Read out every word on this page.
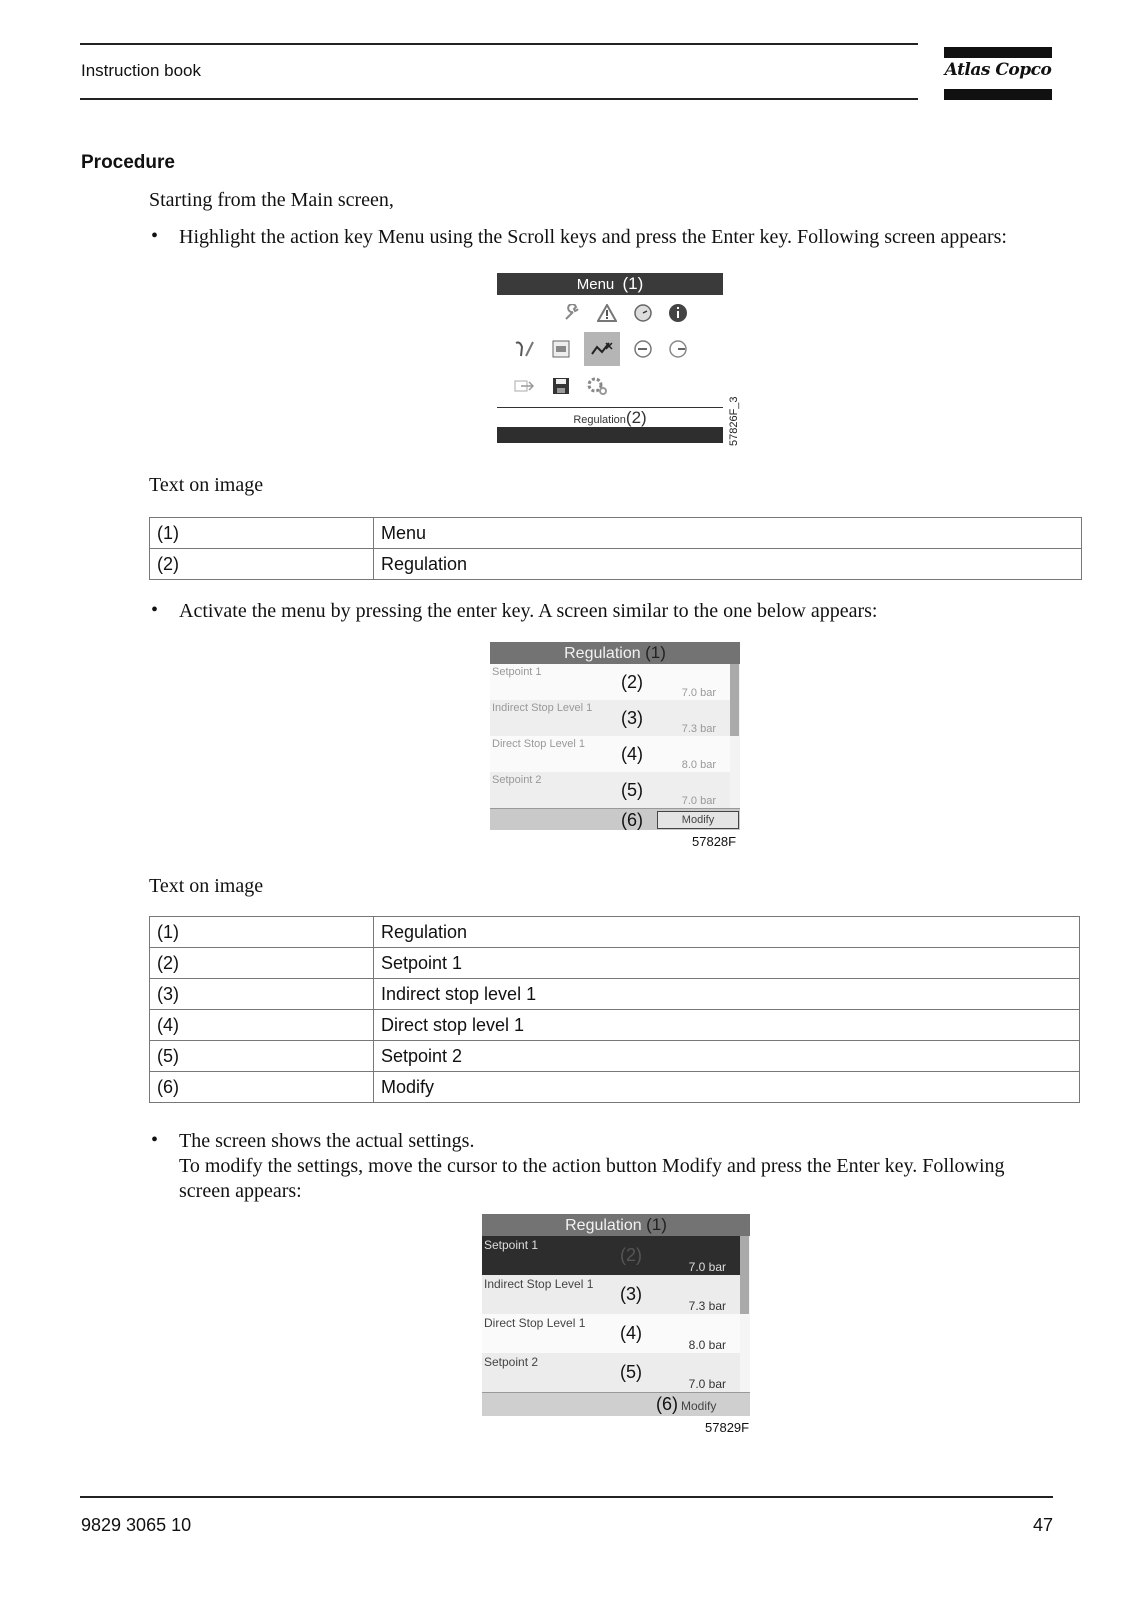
Instruction book	Atlas Copco
Procedure
Starting from the Main screen,
• Highlight the action key Menu using the Scroll keys and press the Enter key. Following screen appears:
Menu (1)
Regulation(2)	57826F_3
Text on image
(1)	Menu
(2)	Regulation
• Activate the menu by pressing the enter key. A screen similar to the one below appears:
Regulation (1)
Setpoint 1	(2)
7.0 bar
Indirect Stop Level 1 (3)
7.3 bar
Direct Stop Level 1 (4)
8.0 bar
Setpoint 2	(5)
7.0 bar
(6)	Modify
57828F
Text on image
(1)	Regulation
(2)	Setpoint 1
(3)	Indirect stop level 1
(4)	Direct stop level 1
(5)	Setpoint 2
(6)	Modify
• The screen shows the actual settings.
To modify the settings, move the cursor to the action button Modify and press the Enter key. Following screen appears:
Regulation (1)
Setpoint 1	(2)
7.0 bar
Indirect Stop Level 1 (3)
7.3 bar
Direct Stop Level 1 (4)
8.0 bar
Setpoint 2	(5)
7.0 bar
(6) Modify
57829F
9829 3065 10	47
